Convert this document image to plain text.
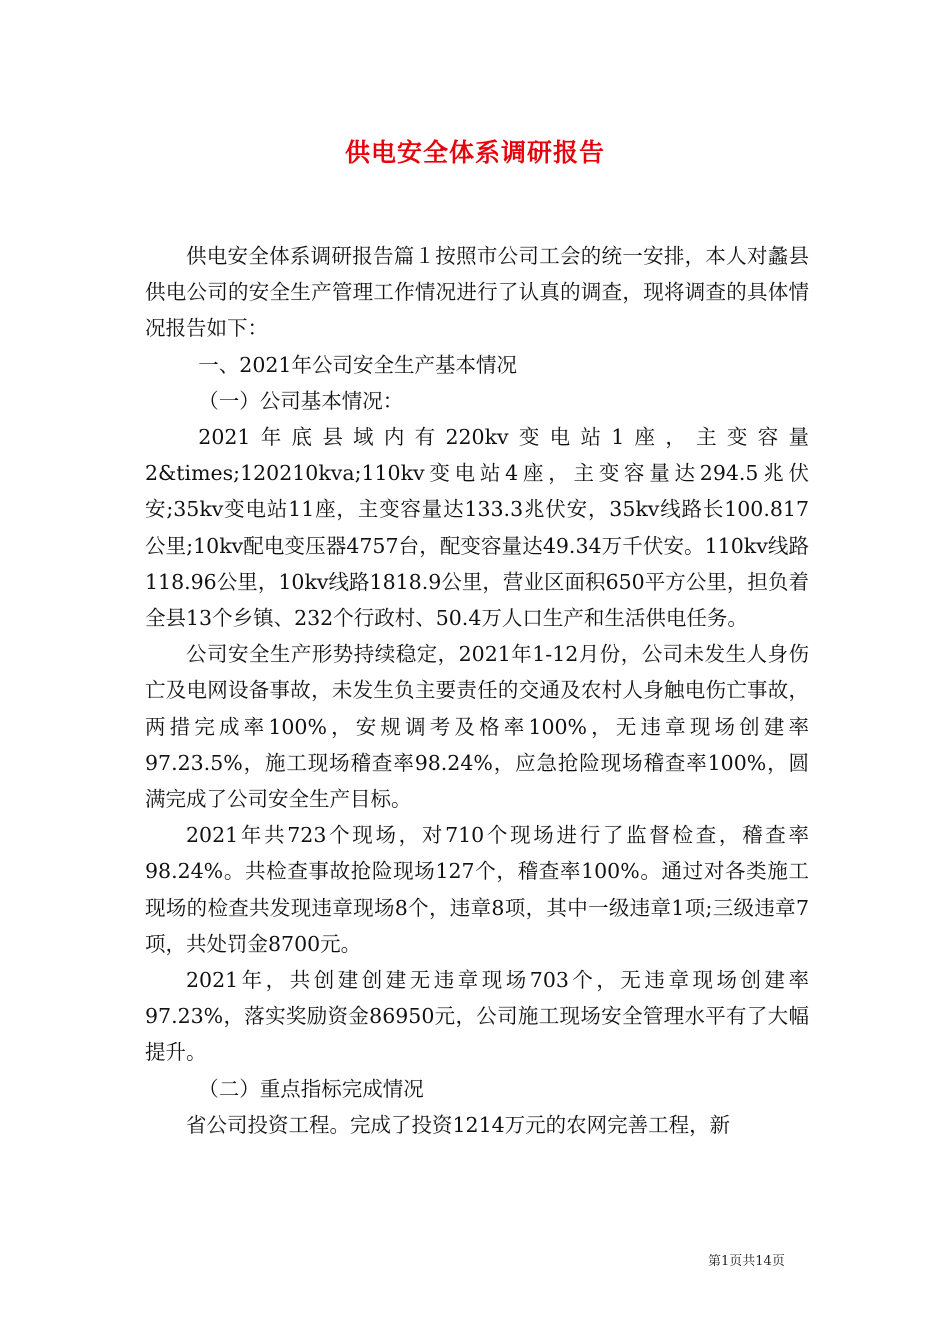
供电安全体系调研报告

供电安全体系调研报告篇１按照市公司工会的统一安排，本人对蠡县供电公司的安全生产管理工作情况进行了认真的调查，现将调查的具体情况报告如下：

一、2021年公司安全生产基本情况

（一）公司基本情况：

2021年底县域内有220kv变电站1座，主变容量2&times;120210kva;110kv变电站4座，主变容量达294.5兆伏安;35kv变电站11座，主变容量达133.3兆伏安，35kv线路长100.817公里;10kv配电变压器4757台，配变容量达49.34万千伏安。110kv线路118.96公里，10kv线路1818.9公里，营业区面积650平方公里，担负着全县13个乡镇、232个行政村、50.4万人口生产和生活供电任务。

公司安全生产形势持续稳定，2021年1-12月份，公司未发生人身伤亡及电网设备事故，未发生负主要责任的交通及农村人身触电伤亡事故，两措完成率100%，安规调考及格率100%，无违章现场创建率97.23.5%，施工现场稽查率98.24%，应急抢险现场稽查率100%，圆满完成了公司安全生产目标。

2021年共723个现场，对710个现场进行了监督检查，稽查率98.24%。共检查事故抢险现场127个，稽查率100%。通过对各类施工现场的检查共发现违章现场8个，违章8项，其中一级违章1项;三级违章7项，共处罚金8700元。

2021年，共创建创建无违章现场703个，无违章现场创建率97.23%，落实奖励资金86950元，公司施工现场安全管理水平有了大幅提升。

（二）重点指标完成情况

省公司投资工程。完成了投资1214万元的农网完善工程，新

第1页共14页
